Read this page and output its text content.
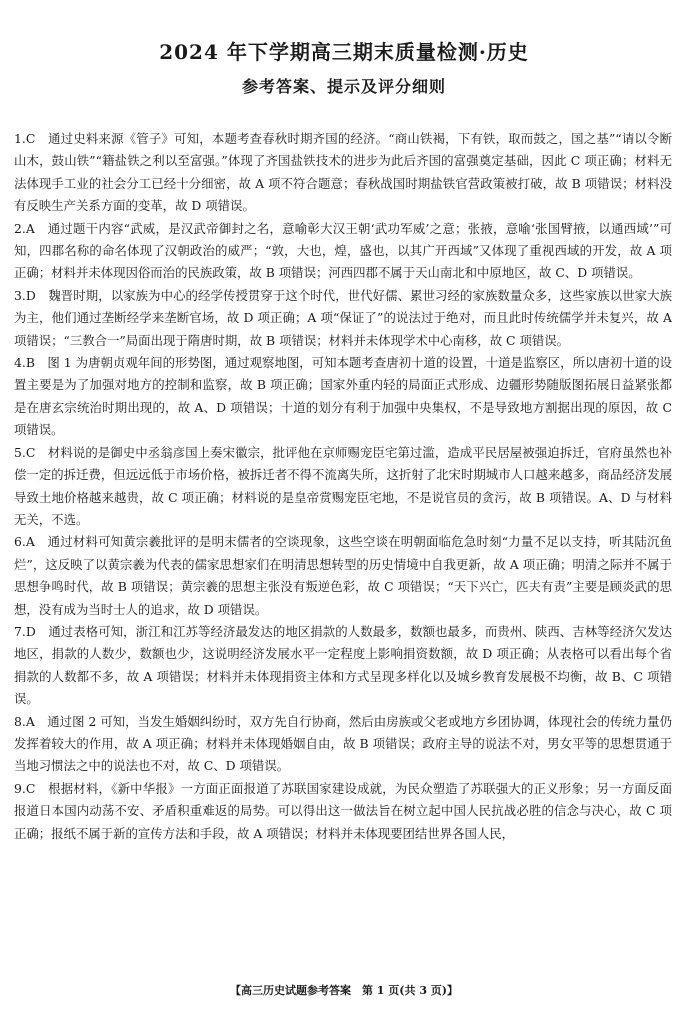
2024 年下学期高三期末质量检测·历史
参考答案、提示及评分细则

1.C　 通过史料来源《管子》可知，本题考查春秋时期齐国的经济。“商山铁褐，下有铁，取而鼓之，国之基”“请以令断山木，鼓山铁”“籍盐铁之利以至富强。”体现了齐国盐铁技术的进步为此后齐国的富强奠定基础，因此 C 项正确；材料无法体现手工业的社会分工已经十分细密，故 A 项不符合题意；春秋战国时期盐铁官营政策被打破，故 B 项错误；材料没有反映生产关系方面的变革，故 D 项错误。

2.A　 通过题干内容“武威，是汉武帝御封之名，意喻彰大汉王朝‘武功军威’之意；张掖，意喻‘张国臂掖，以通西域’”可知，四郡名称的命名体现了汉朝政治的威严；“敦，大也，煌，盛也，以其广开西域”又体现了重视西域的开发，故 A 项正确；材料并未体现因俗而治的民族政策，故 B 项错误；河西四郡不属于天山南北和中原地区，故 C、D 项错误。

3.D　 魏晋时期，以家族为中心的经学传授贯穿于这个时代，世代好儒、累世习经的家族数量众多，这些家族以世家大族为主，他们通过垄断经学来垄断官场，故 D 项正确；A 项“保证了”的说法过于绝对，而且此时传统儒学并未复兴，故 A 项错误；“三教合一”局面出现于隋唐时期，故 B 项错误；材料并未体现学术中心南移，故 C 项错误。

4.B　 图 1 为唐朝贞观年间的形势图，通过观察地图，可知本题考查唐初十道的设置，十道是监察区，所以唐初十道的设置主要是为了加强对地方的控制和监察，故 B 项正确；国家外重内轻的局面正式形成、边疆形势随版图拓展日益紧张都是在唐玄宗统治时期出现的，故 A、D 项错误；十道的划分有利于加强中央集权，不是导致地方割据出现的原因，故 C 项错误。

5.C　 材料说的是御史中丞翁彦国上奏宋徽宗，批评他在京师赐宠臣宅第过滥，造成平民居屋被强迫拆迁，官府虽然也补偿一定的拆迁费，但远远低于市场价格，被拆迁者不得不流离失所，这折射了北宋时期城市人口越来越多，商品经济发展导致土地价格越来越贵，故 C 项正确；材料说的是皇帝赏赐宠臣宅地，不是说官员的贪污，故 B 项错误。A、D 与材料无关，不选。

6.A　 通过材料可知黄宗羲批评的是明末儒者的空谈现象，这些空谈在明朝面临危急时刻“力量不足以支持，听其陆沉鱼烂”，这反映了以黄宗羲为代表的儒家思想家们在明清思想转型的历史情境中自我更新，故 A 项正确；明清之际并不属于思想争鸣时代，故 B 项错误；黄宗羲的思想主张没有叛逆色彩，故 C 项错误；“天下兴亡，匹夫有责”主要是顾炎武的思想，没有成为当时士人的追求，故 D 项错误。

7.D　 通过表格可知，浙江和江苏等经济最发达的地区捐款的人数最多，数额也最多，而贵州、陕西、吉林等经济欠发达地区，捐款的人数少，数额也少，这说明经济发展水平一定程度上影响捐资数额，故 D 项正确；从表格可以看出每个省捐款的人数都不多，故 A 项错误；材料并未体现捐资主体和方式呈现多样化以及城乡教育发展极不均衡，故 B、C 项错误。

8.A　 通过图 2 可知，当发生婚姻纠纷时，双方先自行协商，然后由房族或父老或地方乡团协调，体现社会的传统力量仍发挥着较大的作用，故 A 项正确；材料并未体现婚姻自由，故 B 项错误；政府主导的说法不对，男女平等的思想贯通于当地习惯法之中的说法也不对，故 C、D 项错误。

9.C　 根据材料，《新中华报》一方面正面报道了苏联国家建设成就，为民众塑造了苏联强大的正义形象；另一方面反面报道日本国内动荡不安、矛盾积重难返的局势。可以得出这一做法旨在树立起中国人民抗战必胜的信念与决心，故 C 项正确；报纸不属于新的宣传方法和手段，故 A 项错误；材料并未体现要团结世界各国人民，

【高三历史试题参考答案　第 1 页(共 3 页)】
